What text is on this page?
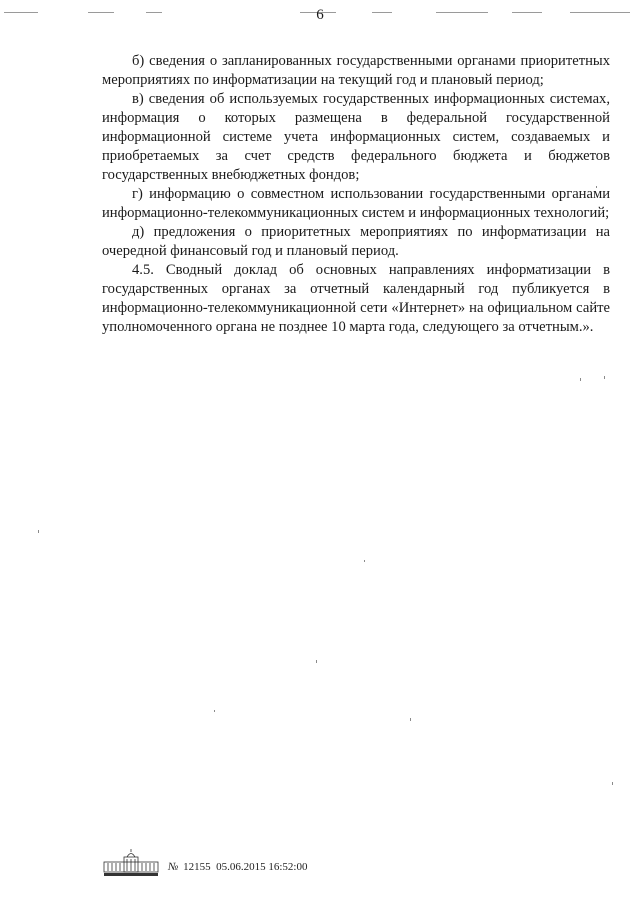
6

б) сведения о запланированных государственными органами приоритетных мероприятиях по информатизации на текущий год и плановый период;

в) сведения об используемых государственных информационных системах, информация о которых размещена в федеральной государственной информационной системе учета информационных систем, создаваемых и приобретаемых за счет средств федерального бюджета и бюджетов государственных внебюджетных фондов;

г) информацию о совместном использовании государственными органами информационно-телекоммуникационных систем и информационных технологий;

д) предложения о приоритетных мероприятиях по информатизации на очередной финансовый год и плановый период.

4.5. Сводный доклад об основных направлениях информатизации в государственных органах за отчетный календарный год публикуется в информационно-телекоммуникационной сети «Интернет» на официальном сайте уполномоченного органа не позднее 10 марта года, следующего за отчетным.».

№ 12155 05.06.2015 16:52:00
